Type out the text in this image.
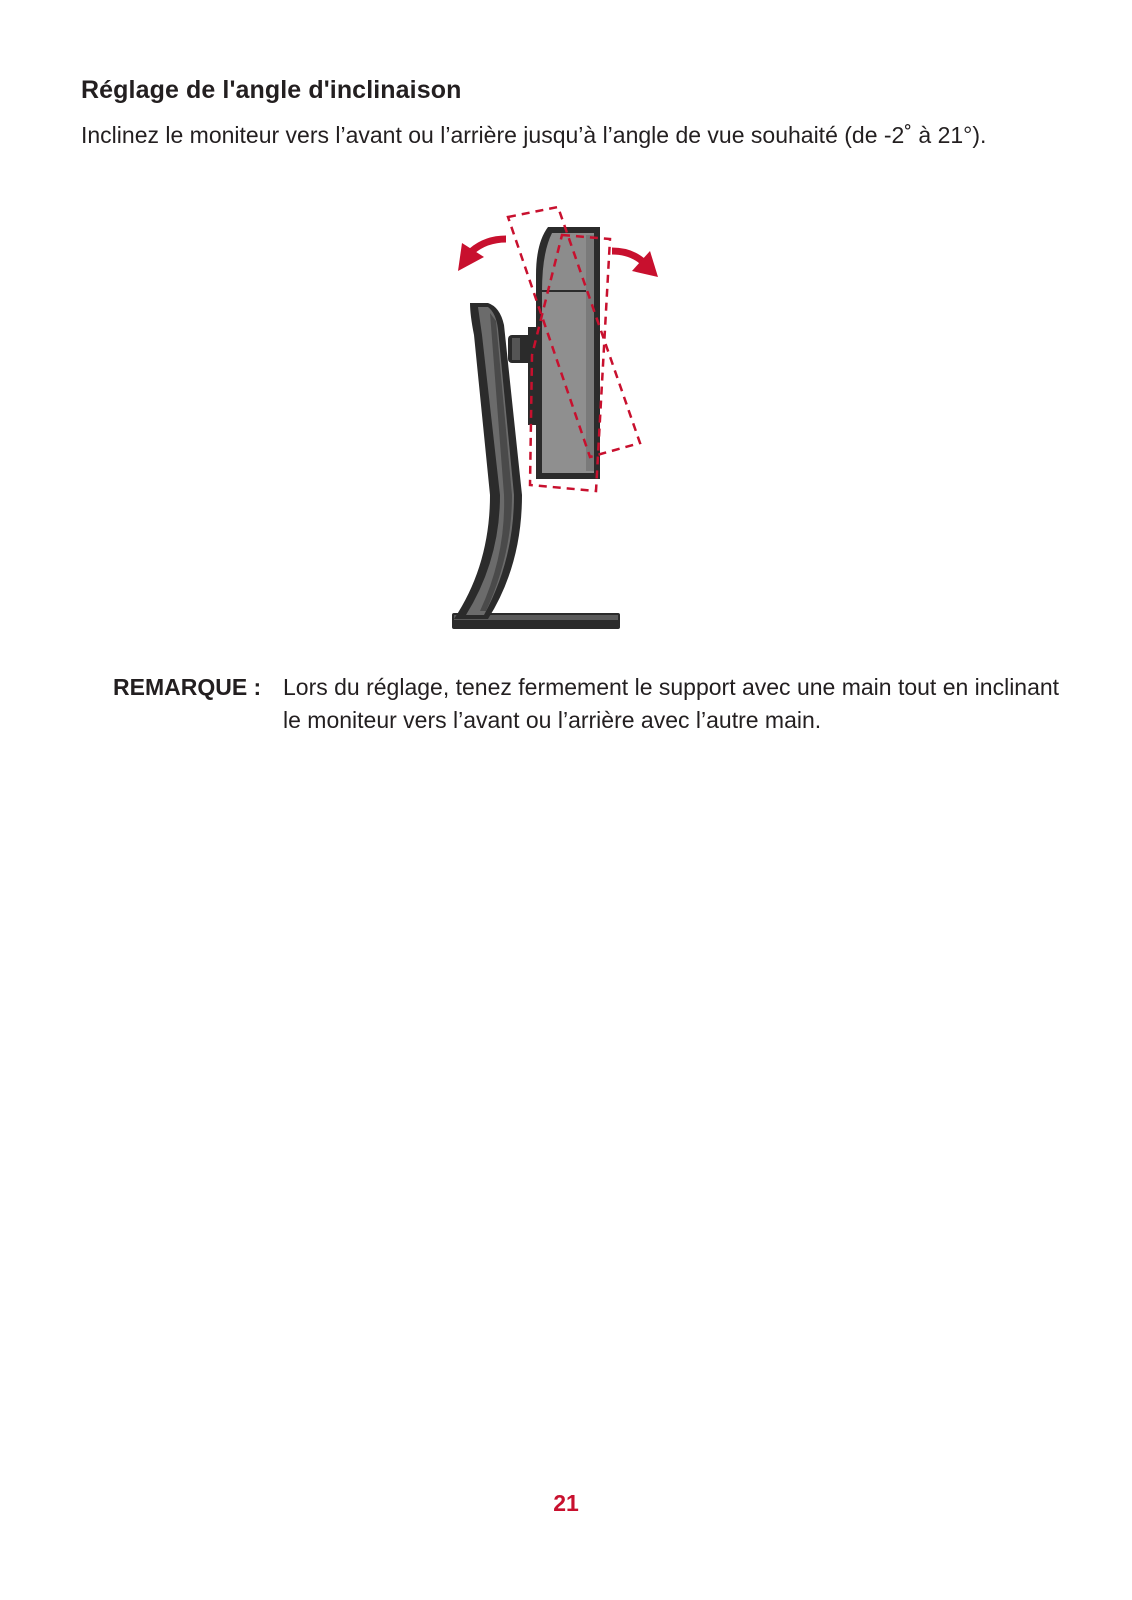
Réglage de l'angle d'inclinaison

Inclinez le moniteur vers l’avant ou l’arrière jusqu’à l’angle de vue souhaité (de -2˚ à 21°).

REMARQUE : Lors du réglage, tenez fermement le support avec une main tout en inclinant le moniteur vers l’avant ou l’arrière avec l’autre main.
21
